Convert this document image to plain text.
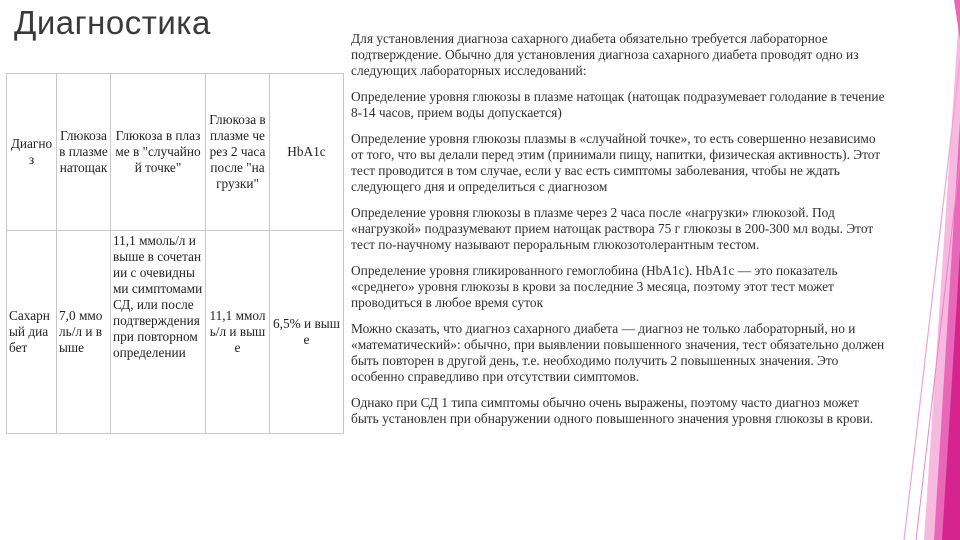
Диагностика
Диагноз	Глюкоза в плазме натощак	Глюкоза в плазме в "случайной точке"	Глюкоза в плазме через 2 часа после "нагрузки"	HbA1c
Сахарный диабет	7,0 ммоль/л и выше	11,1 ммоль/л и выше в сочетании с очевидными симптомами СД, или после подтверждения при повторном определении	11,1 ммоль/л и выше	6,5% и выше

Для установления диагноза сахарного диабета обязательно требуется лабораторное подтверждение. Обычно для установления диагноза сахарного диабета проводят одно из следующих лабораторных исследований:

Определение уровня глюкозы в плазме натощак (натощак подразумевает голодание в течение 8-14 часов, прием воды допускается)

Определение уровня глюкозы плазмы в «случайной точке», то есть совершенно независимо от того, что вы делали перед этим (принимали пищу, напитки, физическая активность). Этот тест проводится в том случае, если у вас есть симптомы заболевания, чтобы не ждать следующего дня и определиться с диагнозом

Определение уровня глюкозы в плазме через 2 часа после «нагрузки» глюкозой. Под «нагрузкой» подразумевают прием натощак раствора 75 г глюкозы в 200-300 мл воды. Этот тест по-научному называют пероральным глюкозотолерантным тестом.

Определение уровня гликированного гемоглобина (HbA1c). HbA1c — это показатель «среднего» уровня глюкозы в крови за последние 3 месяца, поэтому этот тест может проводиться в любое время суток

Можно сказать, что диагноз сахарного диабета — диагноз не только лабораторный, но и «математический»: обычно, при выявлении повышенного значения, тест обязательно должен быть повторен в другой день, т.е. необходимо получить 2 повышенных значения. Это особенно справедливо при отсутствии симптомов.

Однако при СД 1 типа симптомы обычно очень выражены, поэтому часто диагноз может быть установлен при обнаружении одного повышенного значения уровня глюкозы в крови.
